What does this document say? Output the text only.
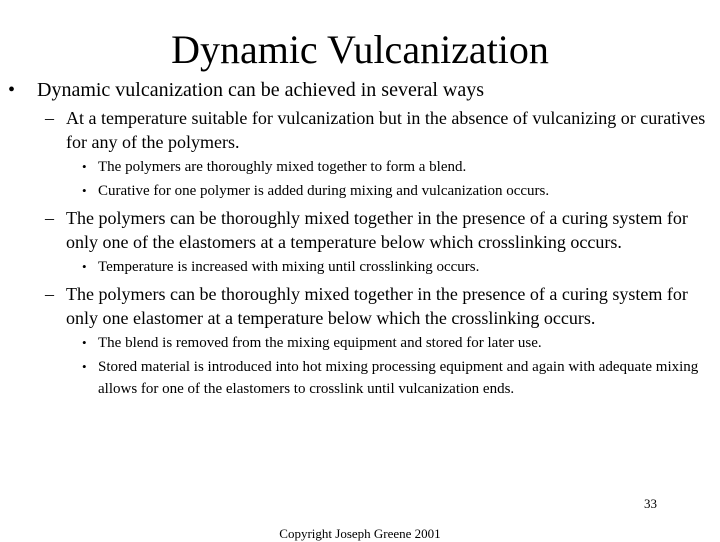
Dynamic Vulcanization
• Dynamic vulcanization can be achieved in several ways
– At a temperature suitable for vulcanization but in the absence of vulcanizing or curatives for any of the polymers.
• The polymers are thoroughly mixed together to form a blend.
• Curative for one polymer is added during mixing and vulcanization occurs.
– The polymers can be thoroughly mixed together in the presence of a curing system for only one of the elastomers at a temperature below which crosslinking occurs.
• Temperature is increased with mixing until crosslinking occurs.
– The polymers can be thoroughly mixed together in the presence of a curing system for only one elastomer at a temperature below which the crosslinking occurs.
• The blend is removed from the mixing equipment and stored for later use.
• Stored material is introduced into hot mixing processing equipment and again with adequate mixing allows for one of the elastomers to crosslink until vulcanization ends.
33
Copyright Joseph Greene 2001
